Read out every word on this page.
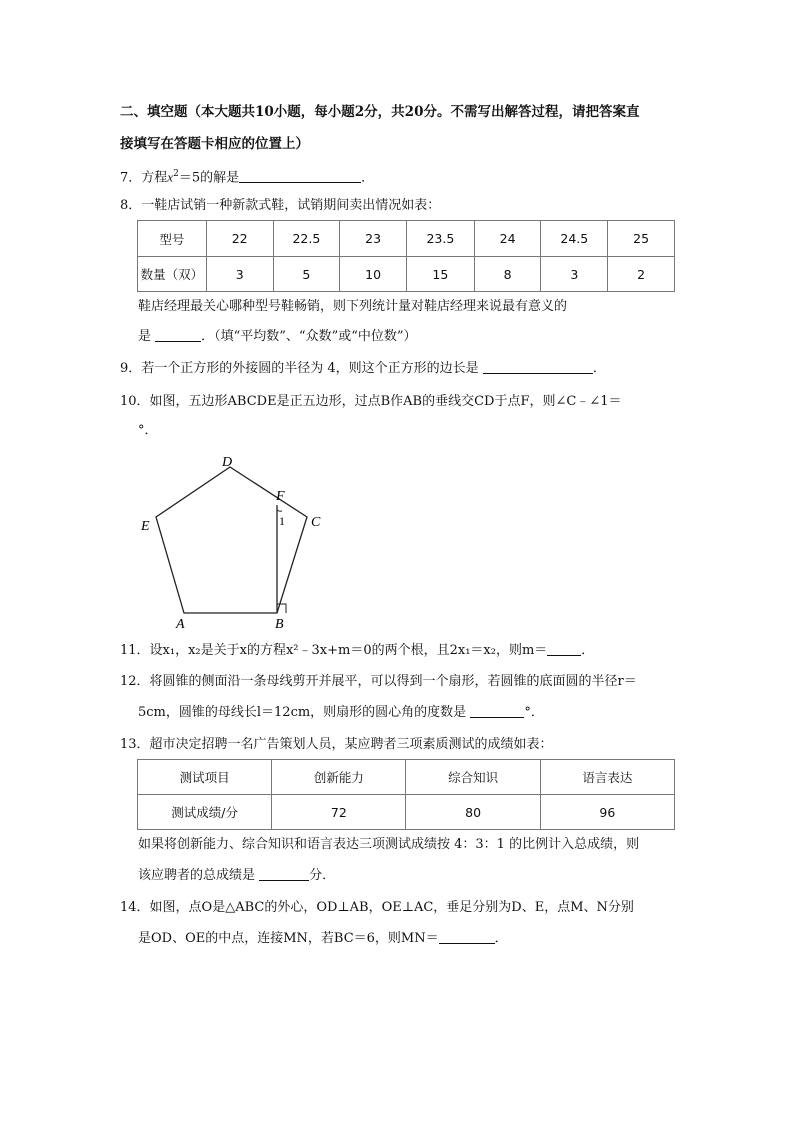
二、填空题（本大题共10小题，每小题2分，共20分。不需写出解答过程，请把答案直
接填写在答题卡相应的位置上）
7．方程$x^2=5$的解是	．
8．一鞋店试销一种新款式鞋，试销期间卖出情况如表：
型号	22	22.5	23	23.5	24	24.5	25
数量（双）	3	5	10	15	8	3	2
鞋店经理最关心哪种型号鞋畅销，则下列统计量对鞋店经理来说最有意义的
是	．（填“平均数”、“众数”或“中位数”）
9．若一个正方形的外接圆的半径为 4，则这个正方形的边长是	．
10．如图，五边形ABCDE是正五边形，过点B作AB的垂线交CD于点F，则∠C﹣∠1＝
°．
D
F
1 C
E
A	B
11．设x₁，x₂是关于x的方程x²﹣3x+m＝0的两个根，且2x₁＝x₂，则m＝	．
12．将圆锥的侧面沿一条母线剪开并展平，可以得到一个扇形，若圆锥的底面圆的半径r＝
5cm，圆锥的母线长l＝12cm，则扇形的圆心角的度数是	°．
13．超市决定招聘一名广告策划人员，某应聘者三项素质测试的成绩如表：
测试项目	创新能力	综合知识	语言表达
测试成绩/分	72	80	96
如果将创新能力、综合知识和语言表达三项测试成绩按 4：3：1 的比例计入总成绩，则
该应聘者的总成绩是	分．
14．如图，点O是△ABC的外心，OD⊥AB，OE⊥AC，垂足分别为D、E，点M、N分别
是OD、OE的中点，连接MN，若BC＝6，则MN＝	．
